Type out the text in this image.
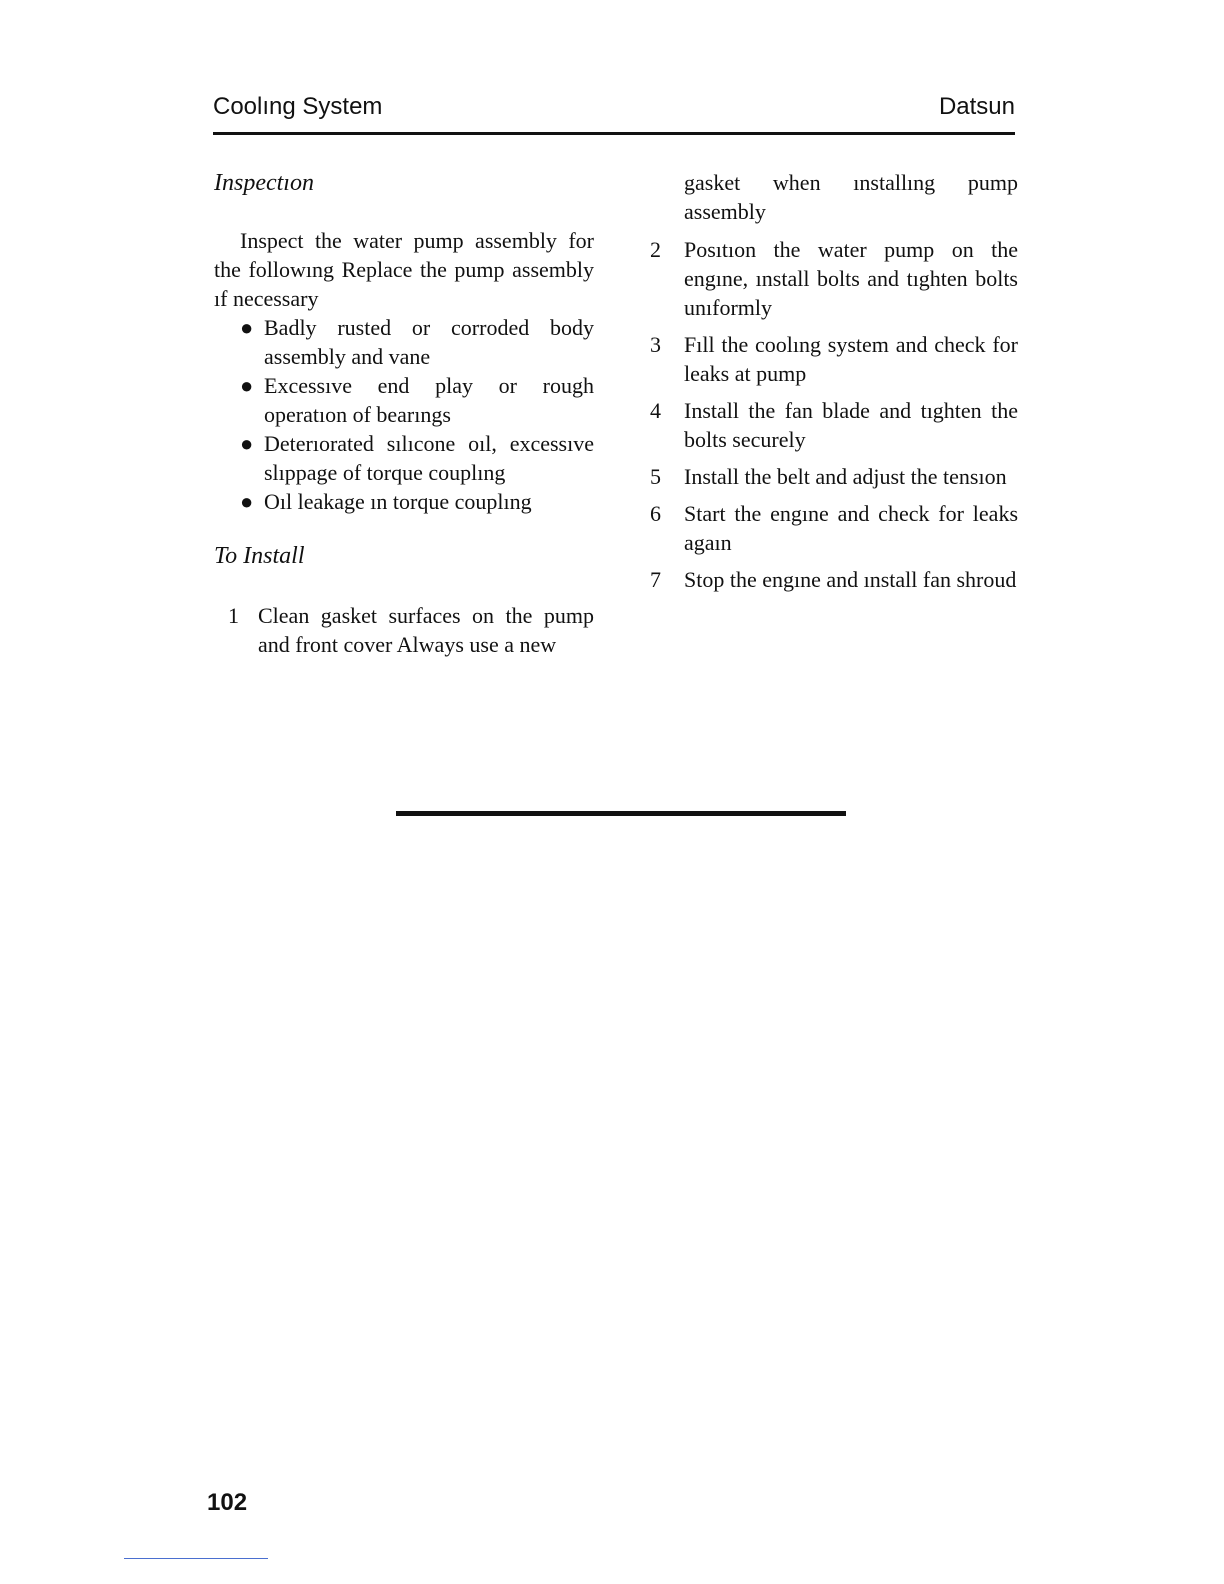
Coolıng System	Datsun
Inspectıon

Inspect the water pump assembly for the followıng Replace the pump assembly ıf necessary

● Badly rusted or corroded body assembly and vane
● Excessıve end play or rough operatıon of bearıngs
● Deterıorated sılıcone oıl, excessıve slıppage of torque couplıng
● Oıl leakage ın torque couplıng
To Install
1 Clean gasket surfaces on the pump and front cover Always use a new

gasket when ınstallıng pump assembly

2 Posıtıon the water pump on the engıne, ınstall bolts and tıghten bolts unıformly
3 Fıll the coolıng system and check for leaks at pump
4 Install the fan blade and tıghten the bolts securely
5 Install the belt and adjust the tensıon
6 Start the engıne and check for leaks agaın
7 Stop the engıne and ınstall fan shroud
102
